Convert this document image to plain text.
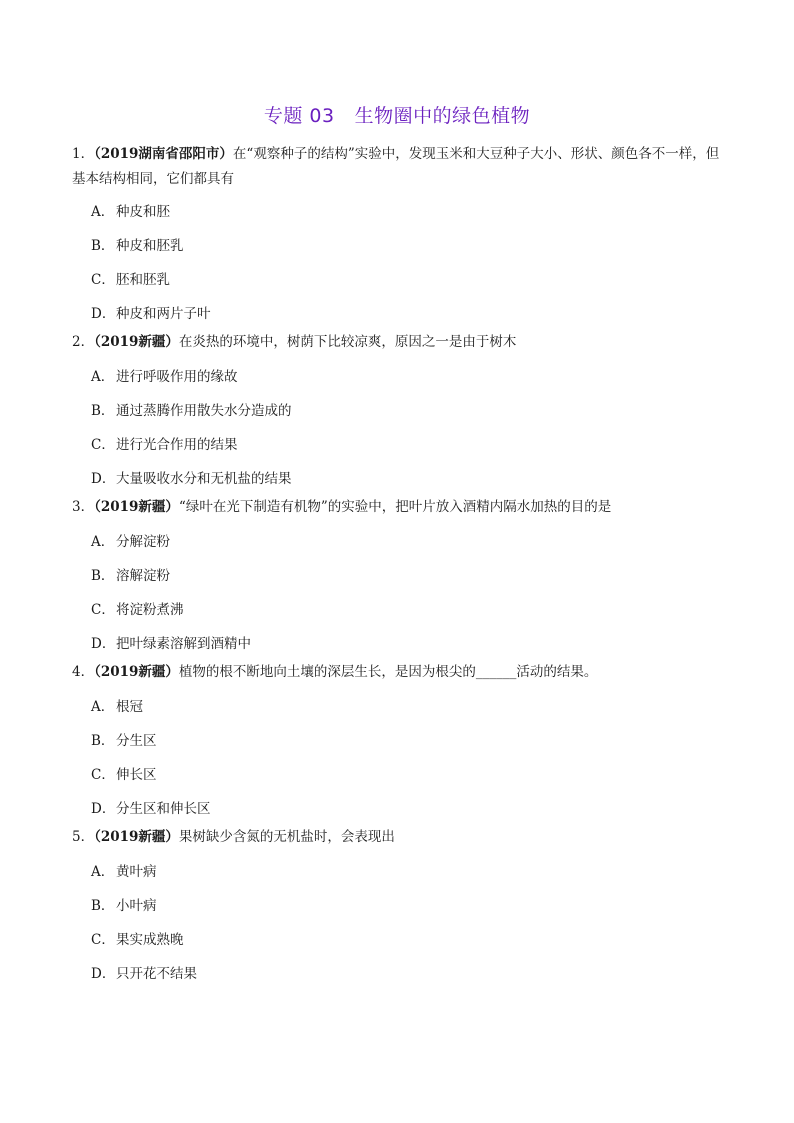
专题 03 生物圈中的绿色植物

1．（2019湖南省邵阳市）在“观察种子的结构”实验中，发现玉米和大豆种子大小、形状、颜色各不一样，但基本结构相同，它们都具有

A． 种皮和胚
B． 种皮和胚乳
C．胚和胚乳
D．种皮和两片子叶

2．（2019新疆）在炎热的环境中，树荫下比较凉爽，原因之一是由于树木

A． 进行呼吸作用的缘故
B． 通过蒸腾作用散失水分造成的
C．进行光合作用的结果
D．大量吸收水分和无机盐的结果

3．（2019新疆）“绿叶在光下制造有机物”的实验中，把叶片放入酒精内隔水加热的目的是

A． 分解淀粉
B． 溶解淀粉
C．将淀粉煮沸
D．把叶绿素溶解到酒精中

4．（2019新疆）植物的根不断地向土壤的深层生长，是因为根尖的______活动的结果。

A． 根冠
B． 分生区
C．伸长区
D．分生区和伸长区

5．（2019新疆）果树缺少含氮的无机盐时，会表现出

A． 黄叶病
B． 小叶病
C．果实成熟晚
D．只开花不结果
